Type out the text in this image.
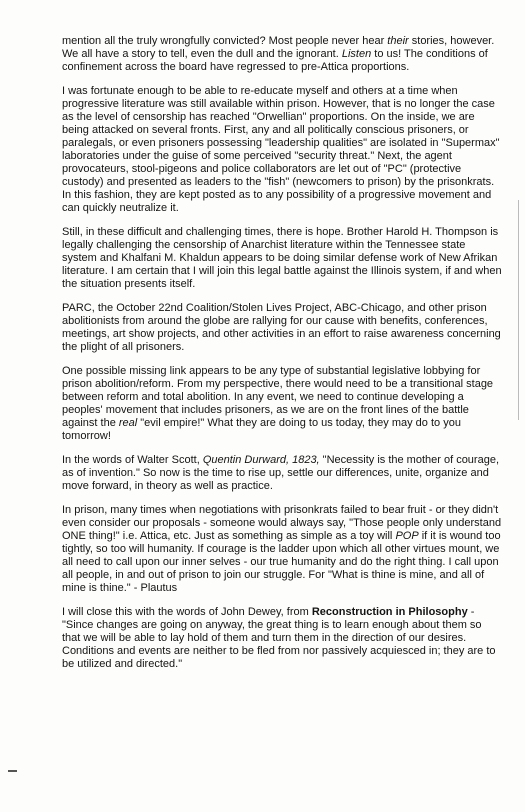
mention all the truly wrongfully convicted? Most people never hear their stories, however. We all have a story to tell, even the dull and the ignorant. Listen to us! The conditions of confinement across the board have regressed to pre-Attica proportions.

I was fortunate enough to be able to re-educate myself and others at a time when progressive literature was still available within prison. However, that is no longer the case as the level of censorship has reached "Orwellian" proportions. On the inside, we are being attacked on several fronts. First, any and all politically conscious prisoners, or paralegals, or even prisoners possessing "leadership qualities" are isolated in "Supermax" laboratories under the guise of some perceived "security threat." Next, the agent provocateurs, stool-pigeons and police collaborators are let out of "PC" (protective custody) and presented as leaders to the "fish" (newcomers to prison) by the prisonkrats. In this fashion, they are kept posted as to any possibility of a progressive movement and can quickly neutralize it.

Still, in these difficult and challenging times, there is hope. Brother Harold H. Thompson is legally challenging the censorship of Anarchist literature within the Tennessee state system and Khalfani M. Khaldun appears to be doing similar defense work of New Afrikan literature. I am certain that I will join this legal battle against the Illinois system, if and when the situation presents itself.

PARC, the October 22nd Coalition/Stolen Lives Project, ABC-Chicago, and other prison abolitionists from around the globe are rallying for our cause with benefits, conferences, meetings, art show projects, and other activities in an effort to raise awareness concerning the plight of all prisoners.

One possible missing link appears to be any type of substantial legislative lobbying for prison abolition/reform. From my perspective, there would need to be a transitional stage between reform and total abolition. In any event, we need to continue developing a peoples' movement that includes prisoners, as we are on the front lines of the battle against the real "evil empire!" What they are doing to us today, they may do to you tomorrow!

In the words of Walter Scott, Quentin Durward, 1823, "Necessity is the mother of courage, as of invention." So now is the time to rise up, settle our differences, unite, organize and move forward, in theory as well as practice.

In prison, many times when negotiations with prisonkrats failed to bear fruit - or they didn't even consider our proposals - someone would always say, "Those people only understand ONE thing!" i.e. Attica, etc. Just as something as simple as a toy will POP if it is wound too tightly, so too will humanity. If courage is the ladder upon which all other virtues mount, we all need to call upon our inner selves - our true humanity and do the right thing. I call upon all people, in and out of prison to join our struggle. For "What is thine is mine, and all of mine is thine." - Plautus

I will close this with the words of John Dewey, from Reconstruction in Philosophy - "Since changes are going on anyway, the great thing is to learn enough about them so that we will be able to lay hold of them and turn them in the direction of our desires. Conditions and events are neither to be fled from nor passively acquiesced in; they are to be utilized and directed."
